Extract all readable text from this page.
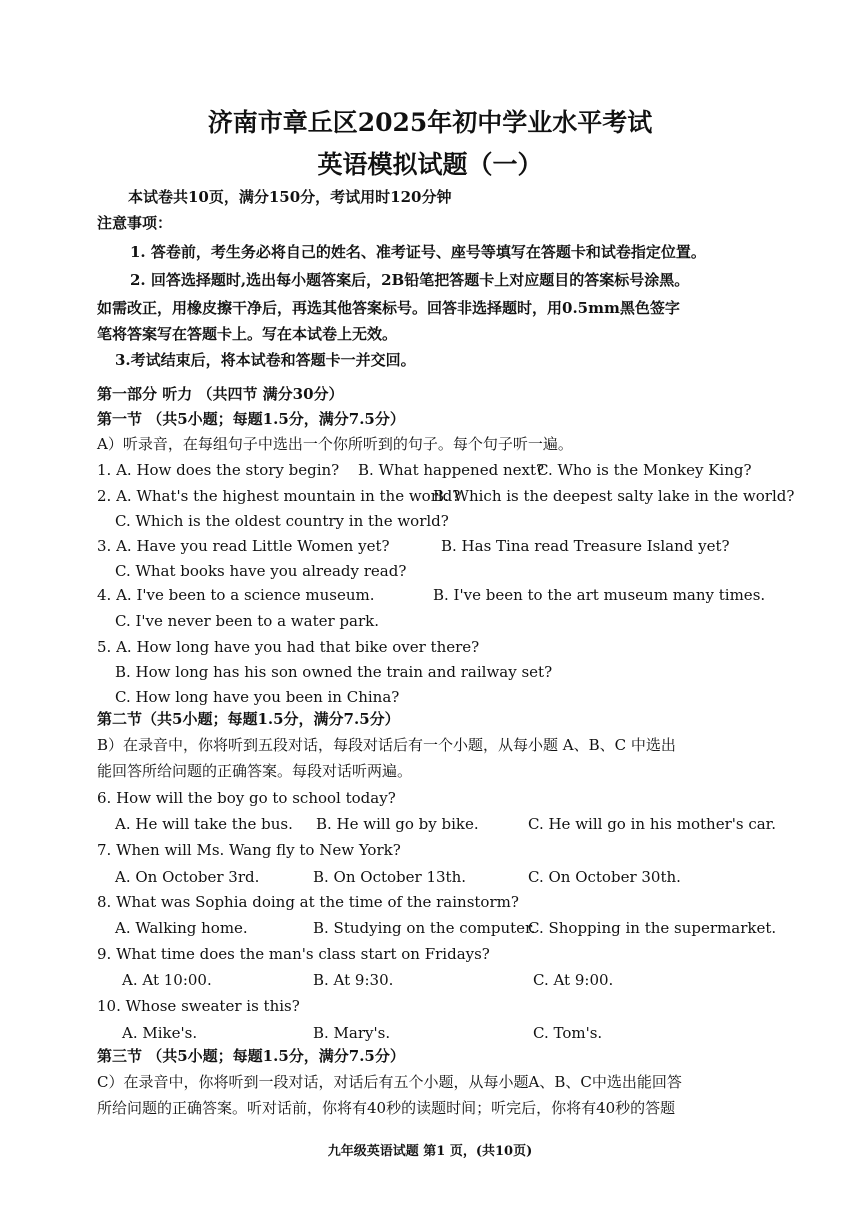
济南市章丘区2025年初中学业水平考试
英语模拟试题（一）
本试卷共10页，满分150分，考试用时120分钟
注意事项：
1. 答卷前，考生务必将自己的姓名、准考证号、座号等填写在答题卡和试卷指定位置。
2. 回答选择题时,选出每小题答案后，2B铅笔把答题卡上对应题目的答案标号涂黑。
如需改正，用橡皮擦干净后，再选其他答案标号。回答非选择题时，用0.5mm黑色签字
笔将答案写在答题卡上。写在本试卷上无效。
3.考试结束后，将本试卷和答题卡一并交回。
第一部分 听力 （共四节 满分30分）
第一节 （共5小题；每题1.5分，满分7.5分）
A）听录音，在每组句子中选出一个你所听到的句子。每个句子听一遍。
1. A. How does the story begin? B. What happened next?
C. Who is the Monkey King?
2. A. What's the highest mountain in the world?
B. Which is the deepest salty lake in the world?
C. Which is the oldest country in the world?
3. A. Have you read Little Women yet?	B. Has Tina read Treasure Island yet?
C. What books have you already read?
4. A. I've been to a science museum.	B. I've been to the art museum many times.
C. I've never been to a water park.
5. A. How long have you had that bike over there?
B. How long has his son owned the train and railway set?
C. How long have you been in China?
第二节（共5小题；每题1.5分，满分7.5分）
B）在录音中，你将听到五段对话，每段对话后有一个小题，从每小题 A、B、C 中选出
能回答所给问题的正确答案。每段对话听两遍。
6. How will the boy go to school today?
A. He will take the bus. B. He will go by bike.	C. He will go in his mother's car.
7. When will Ms. Wang fly to New York?
A. On October 3rd.	B. On October 13th.	C. On October 30th.
8. What was Sophia doing at the time of the rainstorm?
A. Walking home.	B. Studying on the computer.
C. Shopping in the supermarket.
9. What time does the man's class start on Fridays?
A. At 10:00.	B. At 9:30.	C. At 9:00.
10. Whose sweater is this?
A. Mike's.	B. Mary's.	C. Tom's.
第三节 （共5小题；每题1.5分，满分7.5分）
C）在录音中，你将听到一段对话，对话后有五个小题，从每小题A、B、C中选出能回答
所给问题的正确答案。听对话前，你将有40秒的读题时间；听完后，你将有40秒的答题
九年级英语试题 第1 页，(共10页)
